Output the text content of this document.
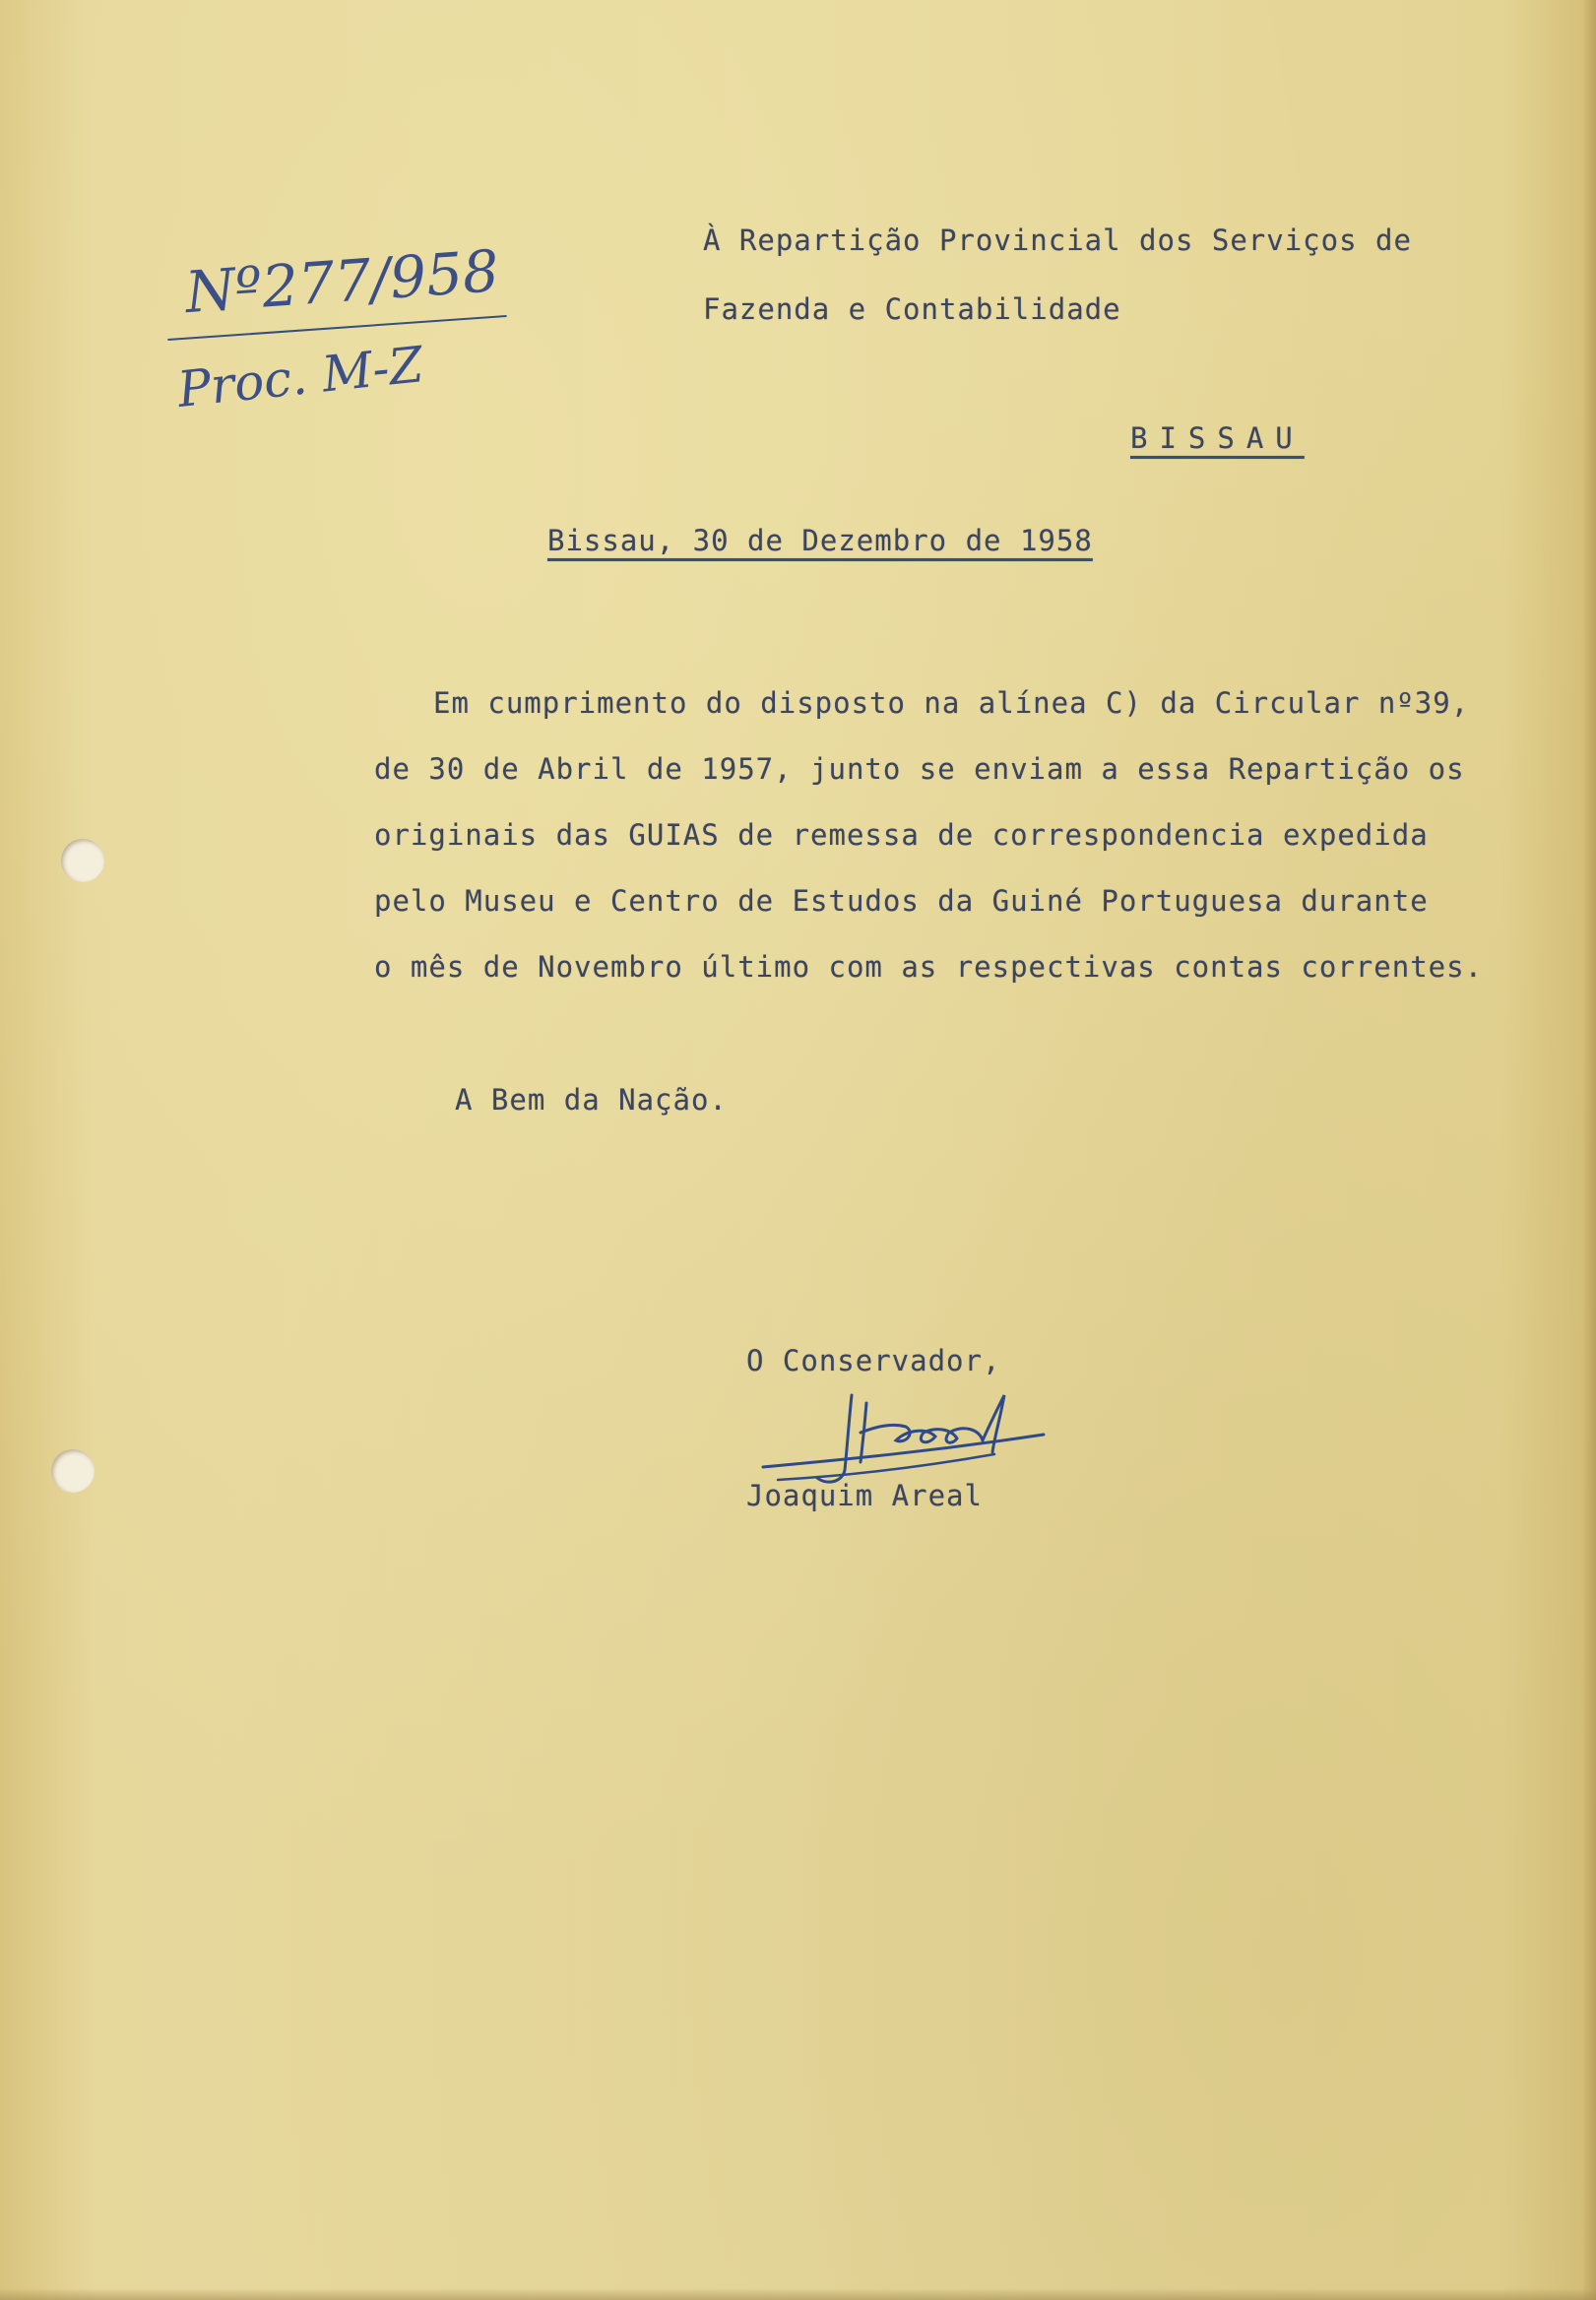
Nº277/958
Proc. M-Z
À Repartição Provincial dos Serviços de
Fazenda e Contabilidade
BISSAU
Bissau, 30 de Dezembro de 1958
Em cumprimento do disposto na alínea C) da Circular nº39,
de 30 de Abril de 1957, junto se enviam a essa Repartição os
originais das GUIAS de remessa de correspondencia expedida
pelo Museu e Centro de Estudos da Guiné Portuguesa durante
o mês de Novembro último com as respectivas contas correntes.
A Bem da Nação.
O Conservador,
Joaquim Areal
